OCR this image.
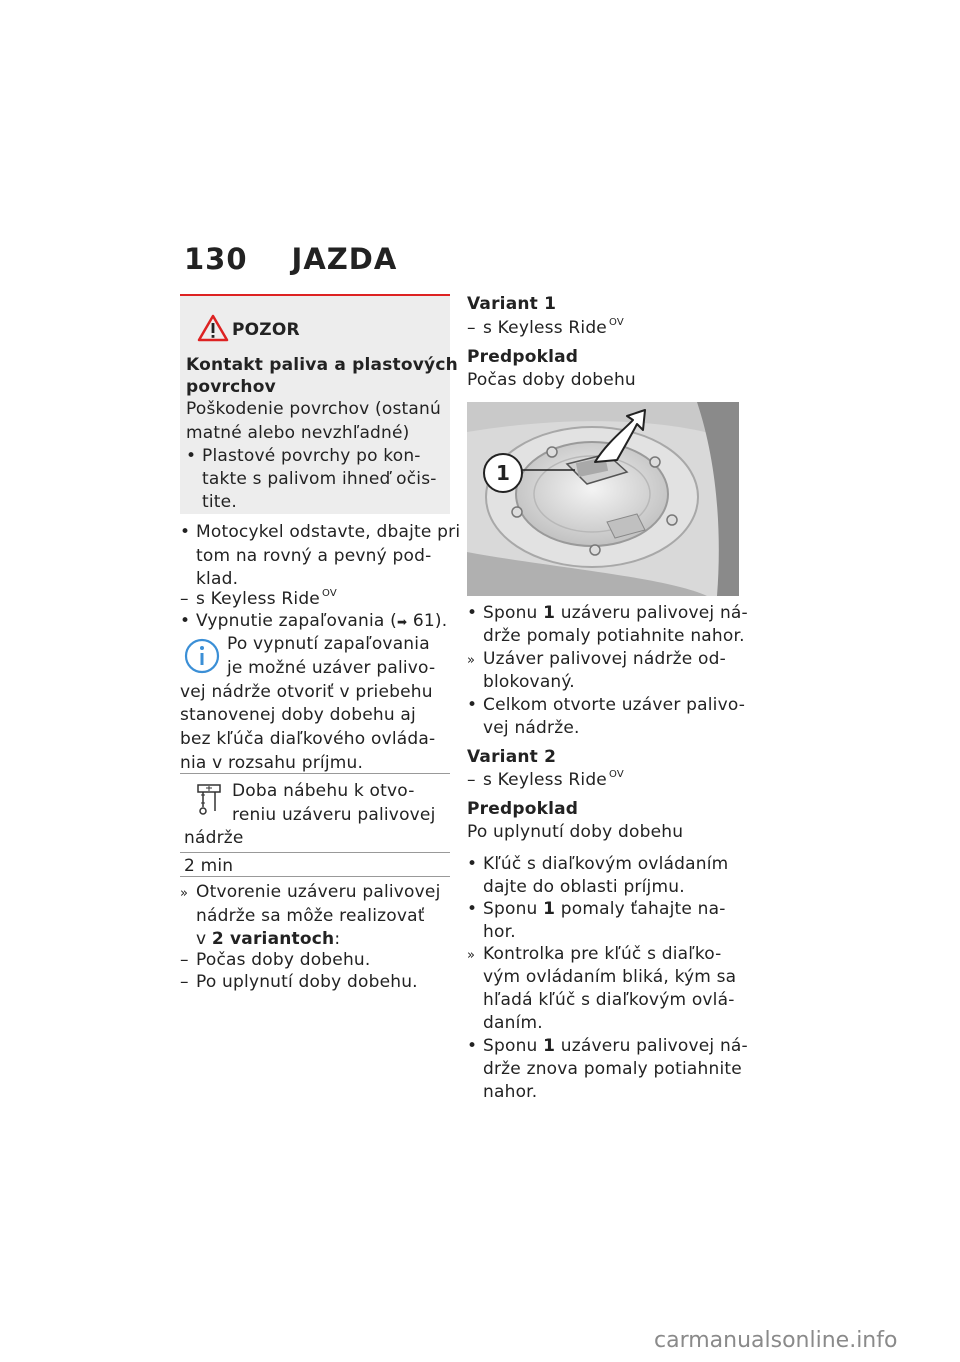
130 JAZDA
POZOR
Kontakt paliva a plastových
povrchov
Poškodenie povrchov (ostanú
matné alebo nevzhľadné)
• Plastové povrchy po kon-
takte s palivom ihneď očis-
tite.
• Motocykel odstavte, dbajte pri
tom na rovný a pevný pod-
klad.
– s Keyless Ride $^{OV}$
• Vypnutie zapaľovania (➡ 61).
Po vypnutí zapaľovania
je možné uzáver palivo-
vej nádrže otvoriť v priebehu
stanovenej doby dobehu aj
bez kľúča diaľkového ovláda-
nia v rozsahu príjmu.
Doba nábehu k otvo-
reniu uzáveru palivovej
nádrže
2 min
» Otvorenie uzáveru palivovej
nádrže sa môže realizovať
v 2 variantoch:
– Počas doby dobehu.
– Po uplynutí doby dobehu.
Variant 1
– s Keyless Ride $^{OV}$
Predpoklad
Počas doby dobehu
1
• Sponu 1 uzáveru palivovej ná-
drže pomaly potiahnite nahor.
» Uzáver palivovej nádrže od-
blokovaný.
• Celkom otvorte uzáver palivo-
vej nádrže.
Variant 2
– s Keyless Ride $^{OV}$
Predpoklad
Po uplynutí doby dobehu
• Kľúč s diaľkovým ovládaním
dajte do oblasti príjmu.
• Sponu 1 pomaly ťahajte na-
hor.
» Kontrolka pre kľúč s diaľko-
vým ovládaním bliká, kým sa
hľadá kľúč s diaľkovým ovlá-
daním.
• Sponu 1 uzáveru palivovej ná-
drže znova pomaly potiahnite
nahor.
carmanualsonline.info
